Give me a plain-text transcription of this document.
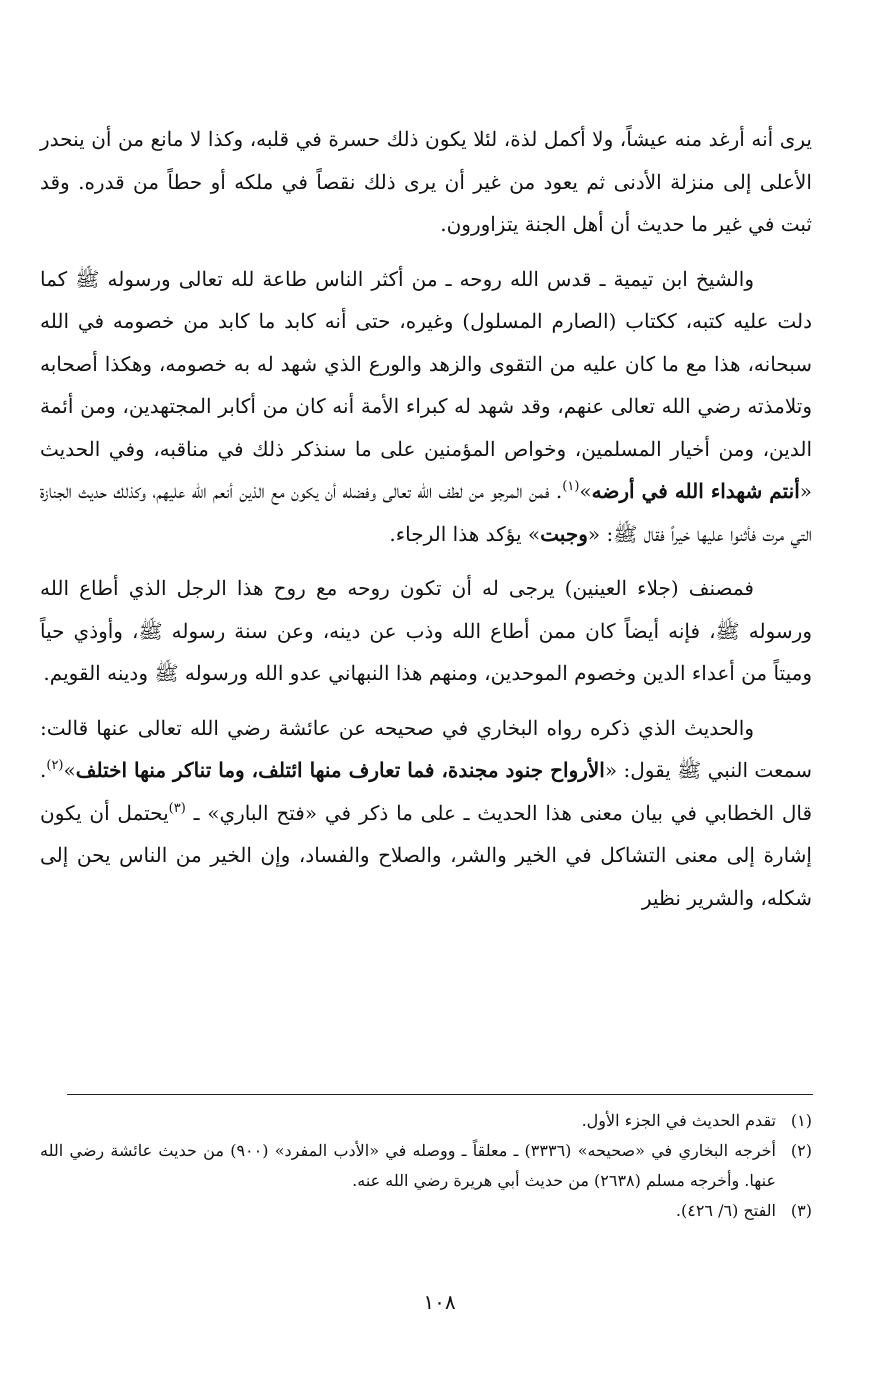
يرى أنه أرغد منه عيشاً، ولا أكمل لذة، لئلا يكون ذلك حسرة في قلبه، وكذا لا مانع من أن ينحدر الأعلى إلى منزلة الأدنى ثم يعود من غير أن يرى ذلك نقصاً في ملكه أو حطاً من قدره. وقد ثبت في غير ما حديث أن أهل الجنة يتزاورون.

والشيخ ابن تيمية ـ قدس الله روحه ـ من أكثر الناس طاعة لله تعالى ورسوله ﷺ كما دلت عليه كتبه، ككتاب (الصارم المسلول) وغيره، حتى أنه كابد ما كابد من خصومه في الله سبحانه، هذا مع ما كان عليه من التقوى والزهد والورع الذي شهد له به خصومه، وهكذا أصحابه وتلامذته رضي الله تعالى عنهم، وقد شهد له كبراء الأمة أنه كان من أكابر المجتهدين، ومن أئمة الدين، ومن أخيار المسلمين، وخواص المؤمنين على ما سنذكر ذلك في مناقبه، وفي الحديث «أنتم شهداء الله في أرضه»$^{(١)}$. فمن المرجو من لطف الله تعالى وفضله أن يكون مع الذين أنعم الله عليهم، وكذلك حديث الجنازة التي مرت فأثنوا عليها خيراً فقال ﷺ: «وجبت» يؤكد هذا الرجاء.

فمصنف (جلاء العينين) يرجى له أن تكون روحه مع روح هذا الرجل الذي أطاع الله ورسوله ﷺ، فإنه أيضاً كان ممن أطاع الله وذب عن دينه، وعن سنة رسوله ﷺ، وأوذي حياً وميتاً من أعداء الدين وخصوم الموحدين، ومنهم هذا النبهاني عدو الله ورسوله ﷺ ودينه القويم.

والحديث الذي ذكره رواه البخاري في صحيحه عن عائشة رضي الله تعالى عنها قالت: سمعت النبي ﷺ يقول: «الأرواح جنود مجندة، فما تعارف منها ائتلف، وما تناكر منها اختلف»$^{(٢)}$. قال الخطابي في بيان معنى هذا الحديث ـ على ما ذكر في «فتح الباري» ـ $^{(٣)}$يحتمل أن يكون إشارة إلى معنى التشاكل في الخير والشر، والصلاح والفساد، وإن الخير من الناس يحن إلى شكله، والشرير نظير

(١)
تقدم الحديث في الجزء الأول.

(٢)
أخرجه البخاري في «صحيحه» (٣٣٣٦) ـ معلقاً ـ ووصله في «الأدب المفرد» (٩٠٠) من حديث عائشة رضي الله عنها. وأخرجه مسلم (٢٦٣٨) من حديث أبي هريرة رضي الله عنه.

(٣)
الفتح (٦/ ٤٢٦).

١٠٨
